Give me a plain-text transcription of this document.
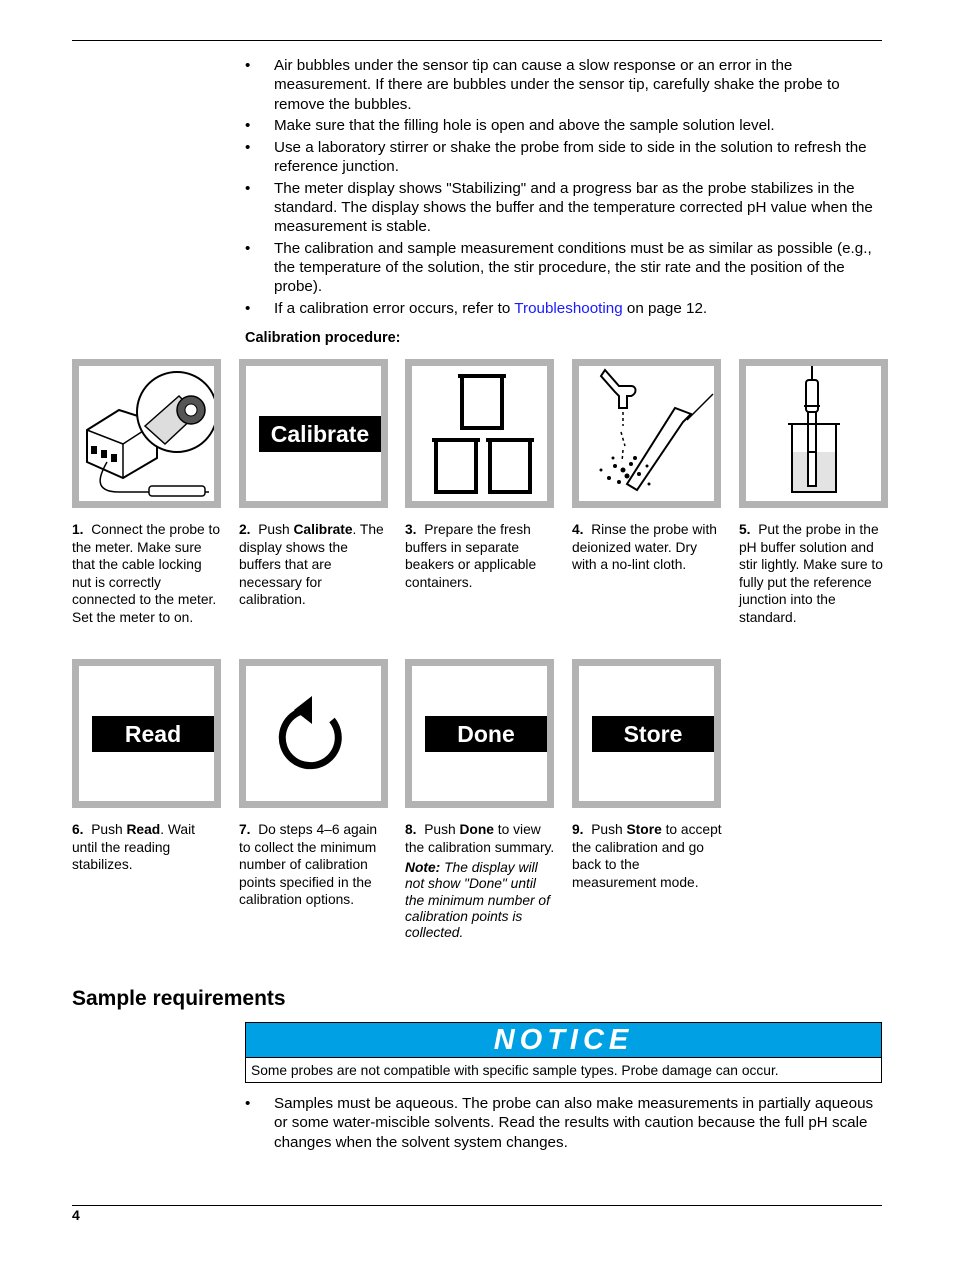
• Air bubbles under the sensor tip can cause a slow response or an error in the measurement. If there are bubbles under the sensor tip, carefully shake the probe to remove the bubbles.
• Make sure that the filling hole is open and above the sample solution level.
• Use a laboratory stirrer or shake the probe from side to side in the solution to refresh the reference junction.
• The meter display shows "Stabilizing" and a progress bar as the probe stabilizes in the standard. The display shows the buffer and the temperature corrected pH value when the measurement is stable.
• The calibration and sample measurement conditions must be as similar as possible (e.g., the temperature of the solution, the stir procedure, the stir rate and the position of the probe).
• If a calibration error occurs, refer to Troubleshooting on page 12.
Calibration procedure:
Calibrate
1. Connect the probe to the meter. Make sure that the cable locking nut is correctly connected to the meter. Set the meter to on.
2. Push Calibrate. The display shows the buffers that are necessary for calibration.
3. Prepare the fresh buffers in separate beakers or applicable containers.
4. Rinse the probe with deionized water. Dry with a no-lint cloth.
5. Put the probe in the pH buffer solution and stir lightly. Make sure to fully put the reference junction into the standard.
Read	Done	Store
6. Push Read. Wait until the reading stabilizes.
7. Do steps 4–6 again to collect the minimum number of calibration points specified in the calibration options.
8. Push Done to view the calibration summary.
Note: The display will not show "Done" until the minimum number of calibration points is collected.
9. Push Store to accept the calibration and go back to the measurement mode.
Sample requirements
NOTICE
Some probes are not compatible with specific sample types. Probe damage can occur.
• Samples must be aqueous. The probe can also make measurements in partially aqueous or some water-miscible solvents. Read the results with caution because the full pH scale changes when the solvent system changes.
4
